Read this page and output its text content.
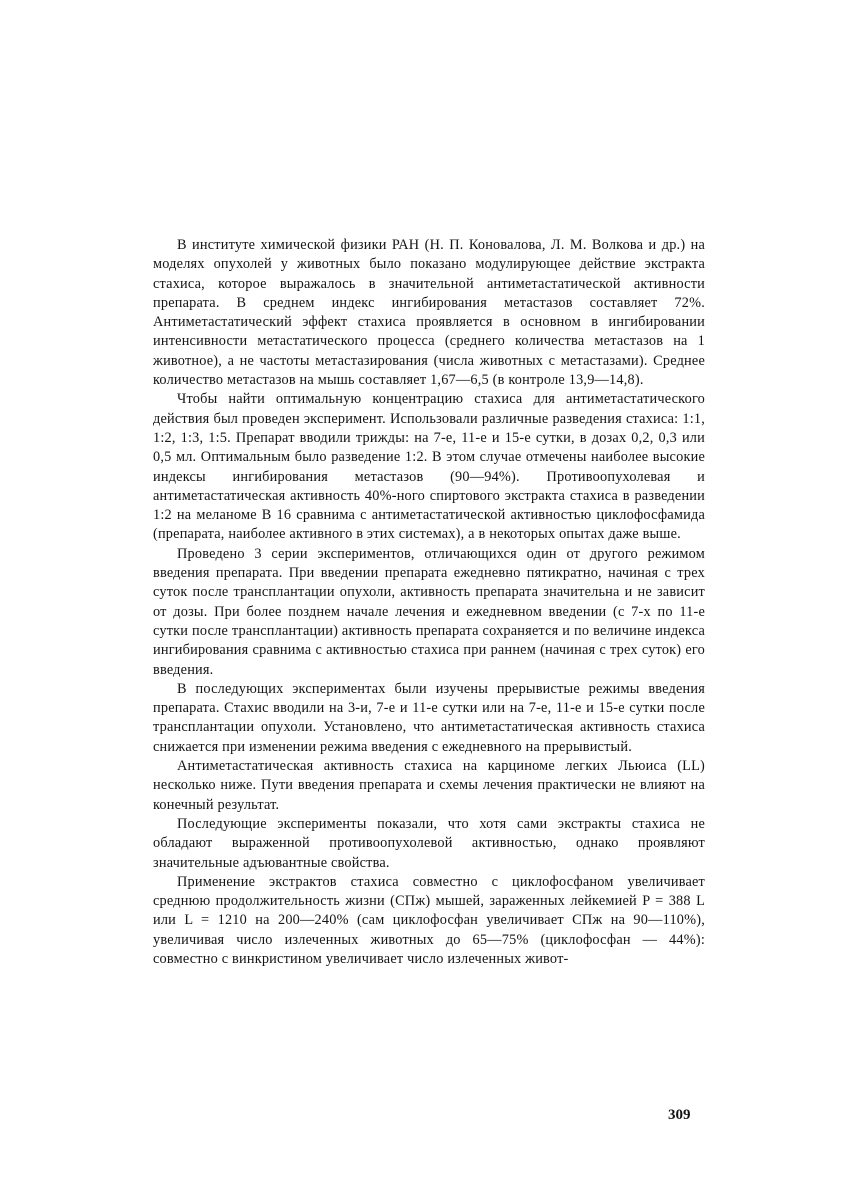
В институте химической физики РАН (Н. П. Коновалова, Л. М. Волкова и др.) на моделях опухолей у животных было показано модулирующее действие экстракта стахиса, которое выражалось в значительной антиметастатической активности препарата. В среднем индекс ингибирования метастазов составляет 72%. Антиметастатический эффект стахиса проявляется в основном в ингибировании интенсивности метастатического процесса (среднего количества метастазов на 1 животное), а не частоты метастазирования (числа животных с метастазами). Среднее количество метастазов на мышь составляет 1,67—6,5 (в контроле 13,9—14,8).

Чтобы найти оптимальную концентрацию стахиса для антиметастатического действия был проведен эксперимент. Использовали различные разведения стахиса: 1:1, 1:2, 1:3, 1:5. Препарат вводили трижды: на 7-е, 11-е и 15-е сутки, в дозах 0,2, 0,3 или 0,5 мл. Оптимальным было разведение 1:2. В этом случае отмечены наиболее высокие индексы ингибирования метастазов (90—94%). Противоопухолевая и антиметастатическая активность 40%-ного спиртового экстракта стахиса в разведении 1:2 на меланоме В 16 сравнима с антиметастатической активностью циклофосфамида (препарата, наиболее активного в этих системах), а в некоторых опытах даже выше.

Проведено 3 серии экспериментов, отличающихся один от другого режимом введения препарата. При введении препарата ежедневно пятикратно, начиная с трех суток после трансплантации опухоли, активность препарата значительна и не зависит от дозы. При более позднем начале лечения и ежедневном введении (с 7-х по 11-е сутки после трансплантации) активность препарата сохраняется и по величине индекса ингибирования сравнима с активностью стахиса при раннем (начиная с трех суток) его введения.

В последующих экспериментах были изучены прерывистые режимы введения препарата. Стахис вводили на 3-и, 7-е и 11-е сутки или на 7-е, 11-е и 15-е сутки после трансплантации опухоли. Установлено, что антиметастатическая активность стахиса снижается при изменении режима введения с ежедневного на прерывистый.

Антиметастатическая активность стахиса на карциноме легких Льюиса (LL) несколько ниже. Пути введения препарата и схемы лечения практически не влияют на конечный результат.

Последующие эксперименты показали, что хотя сами экстракты стахиса не обладают выраженной противоопухолевой активностью, однако проявляют значительные адъювантные свойства.

Применение экстрактов стахиса совместно с циклофосфаном увеличивает среднюю продолжительность жизни (СПж) мышей, зараженных лейкемией P = 388 L или L = 1210 на 200—240% (сам циклофосфан увеличивает СПж на 90—110%), увеличивая число излеченных животных до 65—75% (циклофосфан — 44%): совместно с винкристином увеличивает число излеченных живот-

309
